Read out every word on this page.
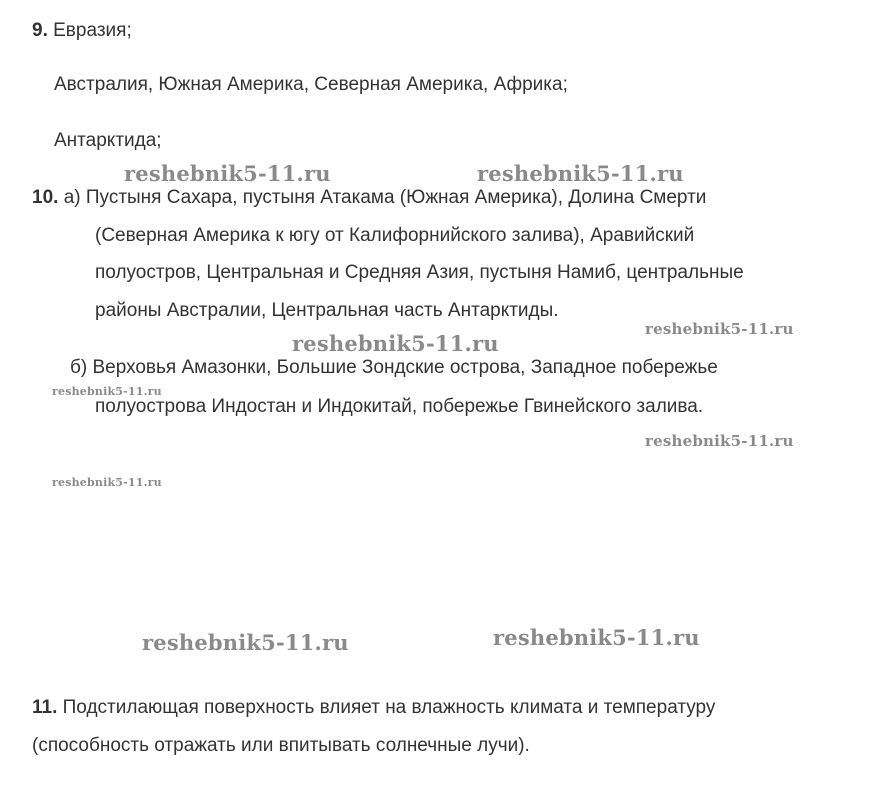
9. Евразия;
Австралия, Южная Америка, Северная Америка, Африка;
Антарктида;
10. а) Пустыня Сахара, пустыня Атакама (Южная Америка), Долина Смерти
(Северная Америка к югу от Калифорнийского залива), Аравийский
полуостров, Центральная и Средняя Азия, пустыня Намиб, центральные
районы Австралии, Центральная часть Антарктиды.
б) Верховья Амазонки, Большие Зондские острова, Западное побережье
полуострова Индостан и Индокитай, побережье Гвинейского залива.
11. Подстилающая поверхность влияет на влажность климата и температуру
(способность отражать или впитывать солнечные лучи).
reshebnik5-11.ru	reshebnik5-11.ru
reshebnik5-11.ru
reshebnik5-11.ru
reshebnik5-11.ru
reshebnik5-11.ru
reshebnik5-11.ru
reshebnik5-11.ru	reshebnik5-11.ru
